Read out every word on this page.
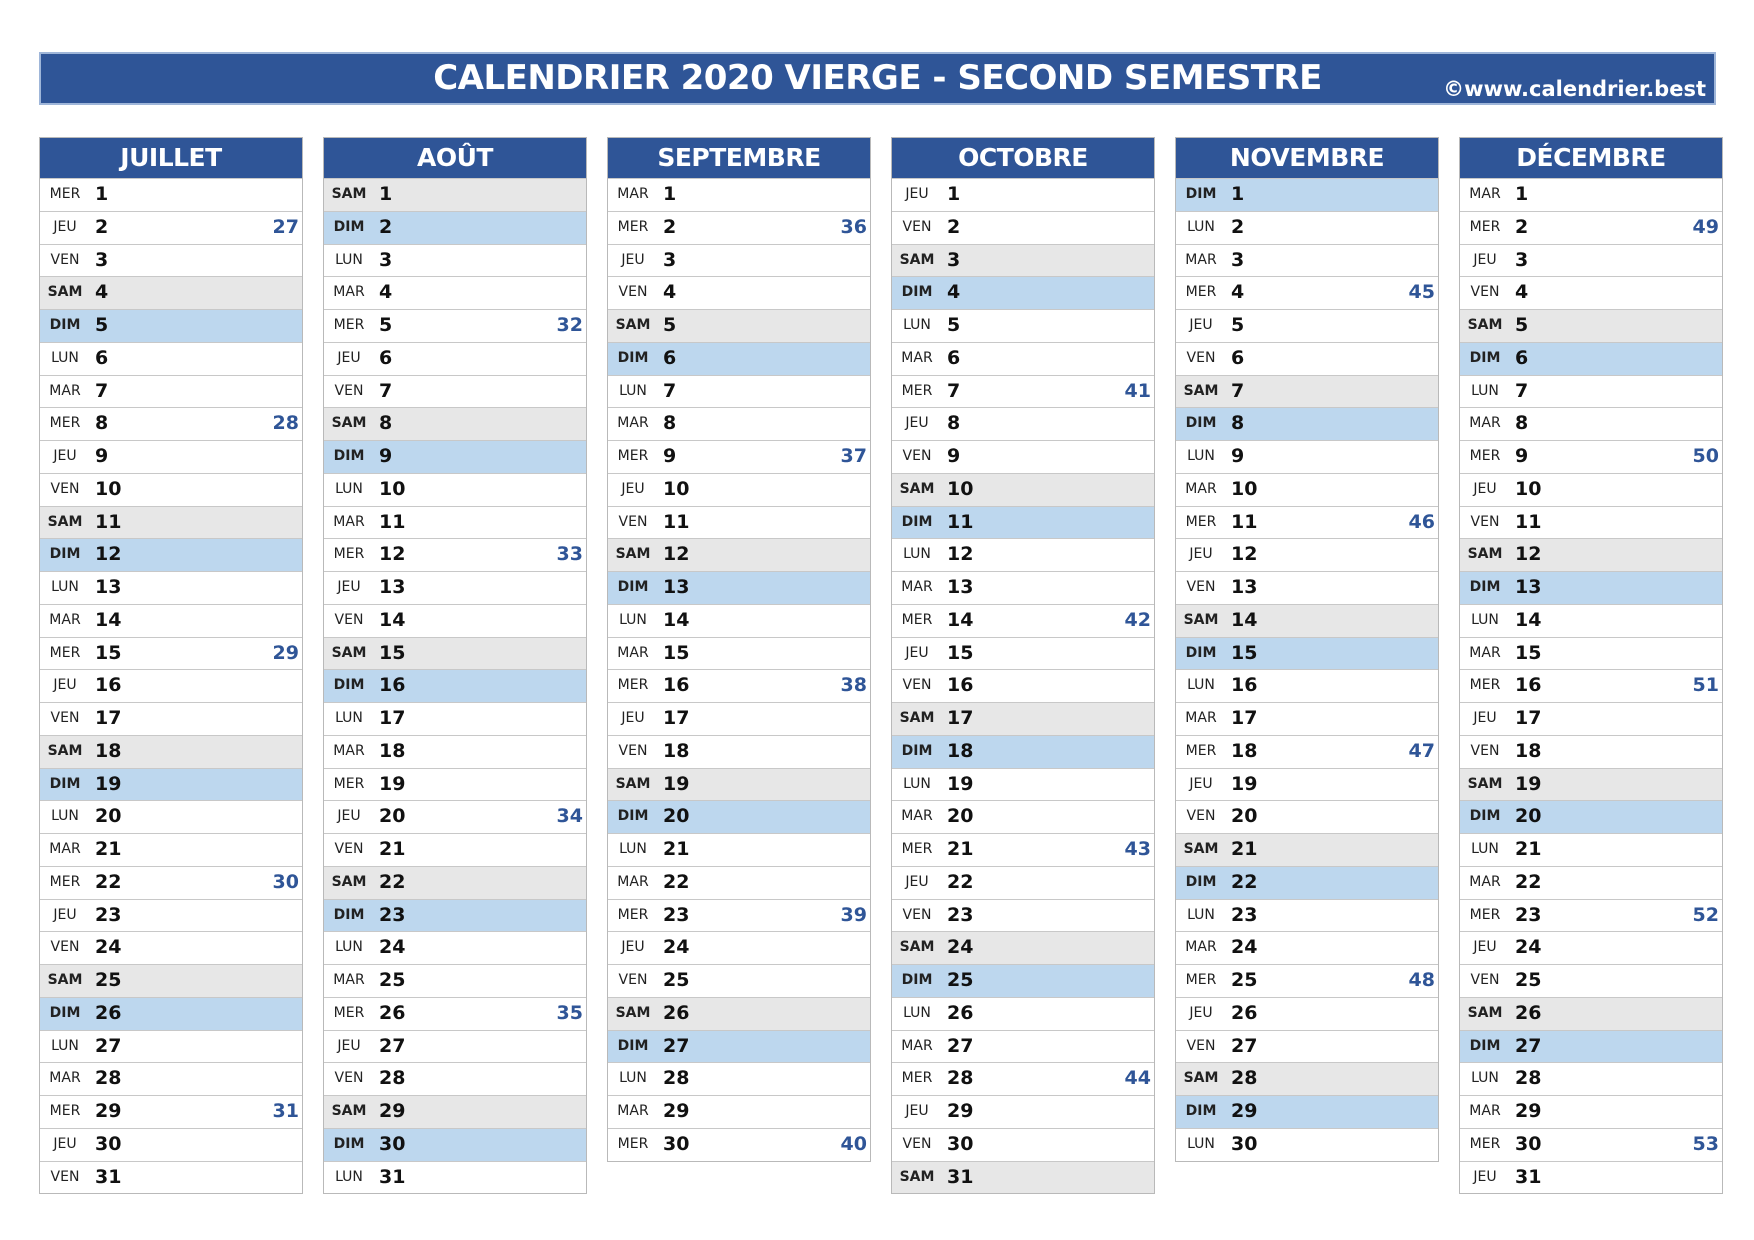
CALENDRIER 2020 VIERGE - SECOND SEMESTRE	©www.calendrier.best
JUILLET
MER 1
JEU 2	27
VEN 3
SAM 4
DIM 5
LUN 6
MAR 7
MER 8	28
JEU 9
VEN 10
SAM 11
DIM 12
LUN 13
MAR 14
MER 15	29
JEU 16
VEN 17
SAM 18
DIM 19
LUN 20
MAR 21
MER 22	30
JEU 23
VEN 24
SAM 25
DIM 26
LUN 27
MAR 28
MER 29	31
JEU 30
VEN 31
AOÛT
SAM 1
DIM 2
LUN 3
MAR 4
MER 5	32
JEU 6
VEN 7
SAM 8
DIM 9
LUN 10
MAR 11
MER 12	33
JEU 13
VEN 14
SAM 15
DIM 16
LUN 17
MAR 18
MER 19
JEU 20	34
VEN 21
SAM 22
DIM 23
LUN 24
MAR 25
MER 26	35
JEU 27
VEN 28
SAM 29
DIM 30
LUN 31
SEPTEMBRE
MAR 1
MER 2	36
JEU 3
VEN 4
SAM 5
DIM 6
LUN 7
MAR 8
MER 9	37
JEU 10
VEN 11
SAM 12
DIM 13
LUN 14
MAR 15
MER 16	38
JEU 17
VEN 18
SAM 19
DIM 20
LUN 21
MAR 22
MER 23	39
JEU 24
VEN 25
SAM 26
DIM 27
LUN 28
MAR 29
MER 30	40
OCTOBRE
JEU 1
VEN 2
SAM 3
DIM 4
LUN 5
MAR 6
MER 7	41
JEU 8
VEN 9
SAM 10
DIM 11
LUN 12
MAR 13
MER 14	42
JEU 15
VEN 16
SAM 17
DIM 18
LUN 19
MAR 20
MER 21	43
JEU 22
VEN 23
SAM 24
DIM 25
LUN 26
MAR 27
MER 28	44
JEU 29
VEN 30
SAM 31
NOVEMBRE
DIM 1
LUN 2
MAR 3
MER 4	45
JEU 5
VEN 6
SAM 7
DIM 8
LUN 9
MAR 10
MER 11	46
JEU 12
VEN 13
SAM 14
DIM 15
LUN 16
MAR 17
MER 18	47
JEU 19
VEN 20
SAM 21
DIM 22
LUN 23
MAR 24
MER 25	48
JEU 26
VEN 27
SAM 28
DIM 29
LUN 30
DÉCEMBRE
MAR 1
MER 2	49
JEU 3
VEN 4
SAM 5
DIM 6
LUN 7
MAR 8
MER 9	50
JEU 10
VEN 11
SAM 12
DIM 13
LUN 14
MAR 15
MER 16	51
JEU 17
VEN 18
SAM 19
DIM 20
LUN 21
MAR 22
MER 23	52
JEU 24
VEN 25
SAM 26
DIM 27
LUN 28
MAR 29
MER 30	53
JEU 31
